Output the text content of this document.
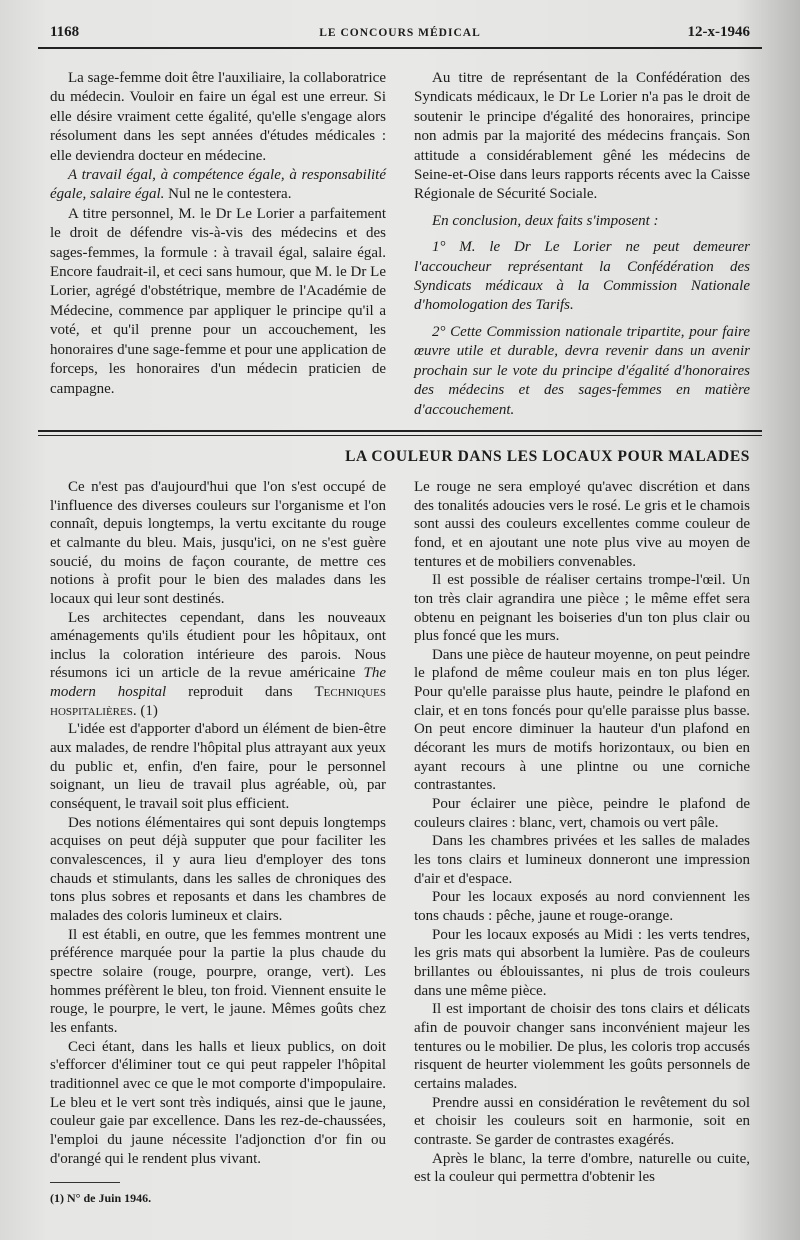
1168	LE CONCOURS MÉDICAL	12-x-1946

La sage-femme doit être l'auxiliaire, la collaboratrice du médecin. Vouloir en faire un égal est une erreur. Si elle désire vraiment cette égalité, qu'elle s'engage alors résolument dans les sept années d'études médicales : elle deviendra docteur en médecine.

A travail égal, à compétence égale, à responsabilité égale, salaire égal. Nul ne le contestera.

A titre personnel, M. le Dr Le Lorier a parfaitement le droit de défendre vis-à-vis des médecins et des sages-femmes, la formule : à travail égal, salaire égal. Encore faudrait-il, et ceci sans humour, que M. le Dr Le Lorier, agrégé d'obstétrique, membre de l'Académie de Médecine, commence par appliquer le principe qu'il a voté, et qu'il prenne pour un accouchement, les honoraires d'une sage-femme et pour une application de forceps, les honoraires d'un médecin praticien de campagne.

Au titre de représentant de la Confédération des Syndicats médicaux, le Dr Le Lorier n'a pas le droit de soutenir le principe d'égalité des honoraires, principe non admis par la majorité des médecins français. Son attitude a considérablement gêné les médecins de Seine-et-Oise dans leurs rapports récents avec la Caisse Régionale de Sécurité Sociale.

En conclusion, deux faits s'imposent :

1° M. le Dr Le Lorier ne peut demeurer l'accoucheur représentant la Confédération des Syndicats médicaux à la Commission Nationale d'homologation des Tarifs.

2° Cette Commission nationale tripartite, pour faire œuvre utile et durable, devra revenir dans un avenir prochain sur le vote du principe d'égalité d'honoraires des médecins et des sages-femmes en matière d'accouchement.

LA COULEUR DANS LES LOCAUX POUR MALADES

Ce n'est pas d'aujourd'hui que l'on s'est occupé de l'influence des diverses couleurs sur l'organisme et l'on connaît, depuis longtemps, la vertu excitante du rouge et calmante du bleu. Mais, jusqu'ici, on ne s'est guère soucié, du moins de façon courante, de mettre ces notions à profit pour le bien des malades dans les locaux qui leur sont destinés.

Les architectes cependant, dans les nouveaux aménagements qu'ils étudient pour les hôpitaux, ont inclus la coloration intérieure des parois. Nous résumons ici un article de la revue américaine The modern hospital reproduit dans Techniques hospitalières. (1)

L'idée est d'apporter d'abord un élément de bien-être aux malades, de rendre l'hôpital plus attrayant aux yeux du public et, enfin, d'en faire, pour le personnel soignant, un lieu de travail plus agréable, où, par conséquent, le travail soit plus efficient.

Des notions élémentaires qui sont depuis longtemps acquises on peut déjà supputer que pour faciliter les convalescences, il y aura lieu d'employer des tons chauds et stimulants, dans les salles de chroniques des tons plus sobres et reposants et dans les chambres de malades des coloris lumineux et clairs.

Il est établi, en outre, que les femmes montrent une préférence marquée pour la partie la plus chaude du spectre solaire (rouge, pourpre, orange, vert). Les hommes préfèrent le bleu, ton froid. Viennent ensuite le rouge, le pourpre, le vert, le jaune. Mêmes goûts chez les enfants.

Ceci étant, dans les halls et lieux publics, on doit s'efforcer d'éliminer tout ce qui peut rappeler l'hôpital traditionnel avec ce que le mot comporte d'impopulaire. Le bleu et le vert sont très indiqués, ainsi que le jaune, couleur gaie par excellence. Dans les rez-de-chaussées, l'emploi du jaune nécessite l'adjonction d'or fin ou d'orangé qui le rendent plus vivant.

(1) N° de Juin 1946.

Le rouge ne sera employé qu'avec discrétion et dans des tonalités adoucies vers le rosé. Le gris et le chamois sont aussi des couleurs excellentes comme couleur de fond, et en ajoutant une note plus vive au moyen de tentures et de mobiliers convenables.

Il est possible de réaliser certains trompe-l'œil. Un ton très clair agrandira une pièce ; le même effet sera obtenu en peignant les boiseries d'un ton plus clair ou plus foncé que les murs.

Dans une pièce de hauteur moyenne, on peut peindre le plafond de même couleur mais en ton plus léger. Pour qu'elle paraisse plus haute, peindre le plafond en clair, et en tons foncés pour qu'elle paraisse plus basse. On peut encore diminuer la hauteur d'un plafond en décorant les murs de motifs horizontaux, ou bien en ayant recours à une plintne ou une corniche contrastantes.

Pour éclairer une pièce, peindre le plafond de couleurs claires : blanc, vert, chamois ou vert pâle.

Dans les chambres privées et les salles de malades les tons clairs et lumineux donneront une impression d'air et d'espace.

Pour les locaux exposés au nord conviennent les tons chauds : pêche, jaune et rouge-orange.

Pour les locaux exposés au Midi : les verts tendres, les gris mats qui absorbent la lumière. Pas de couleurs brillantes ou éblouissantes, ni plus de trois couleurs dans une même pièce.

Il est important de choisir des tons clairs et délicats afin de pouvoir changer sans inconvénient majeur les tentures ou le mobilier. De plus, les coloris trop accusés risquent de heurter violemment les goûts personnels de certains malades.

Prendre aussi en considération le revêtement du sol et choisir les couleurs soit en harmonie, soit en contraste. Se garder de contrastes exagérés.

Après le blanc, la terre d'ombre, naturelle ou cuite, est la couleur qui permettra d'obtenir les
